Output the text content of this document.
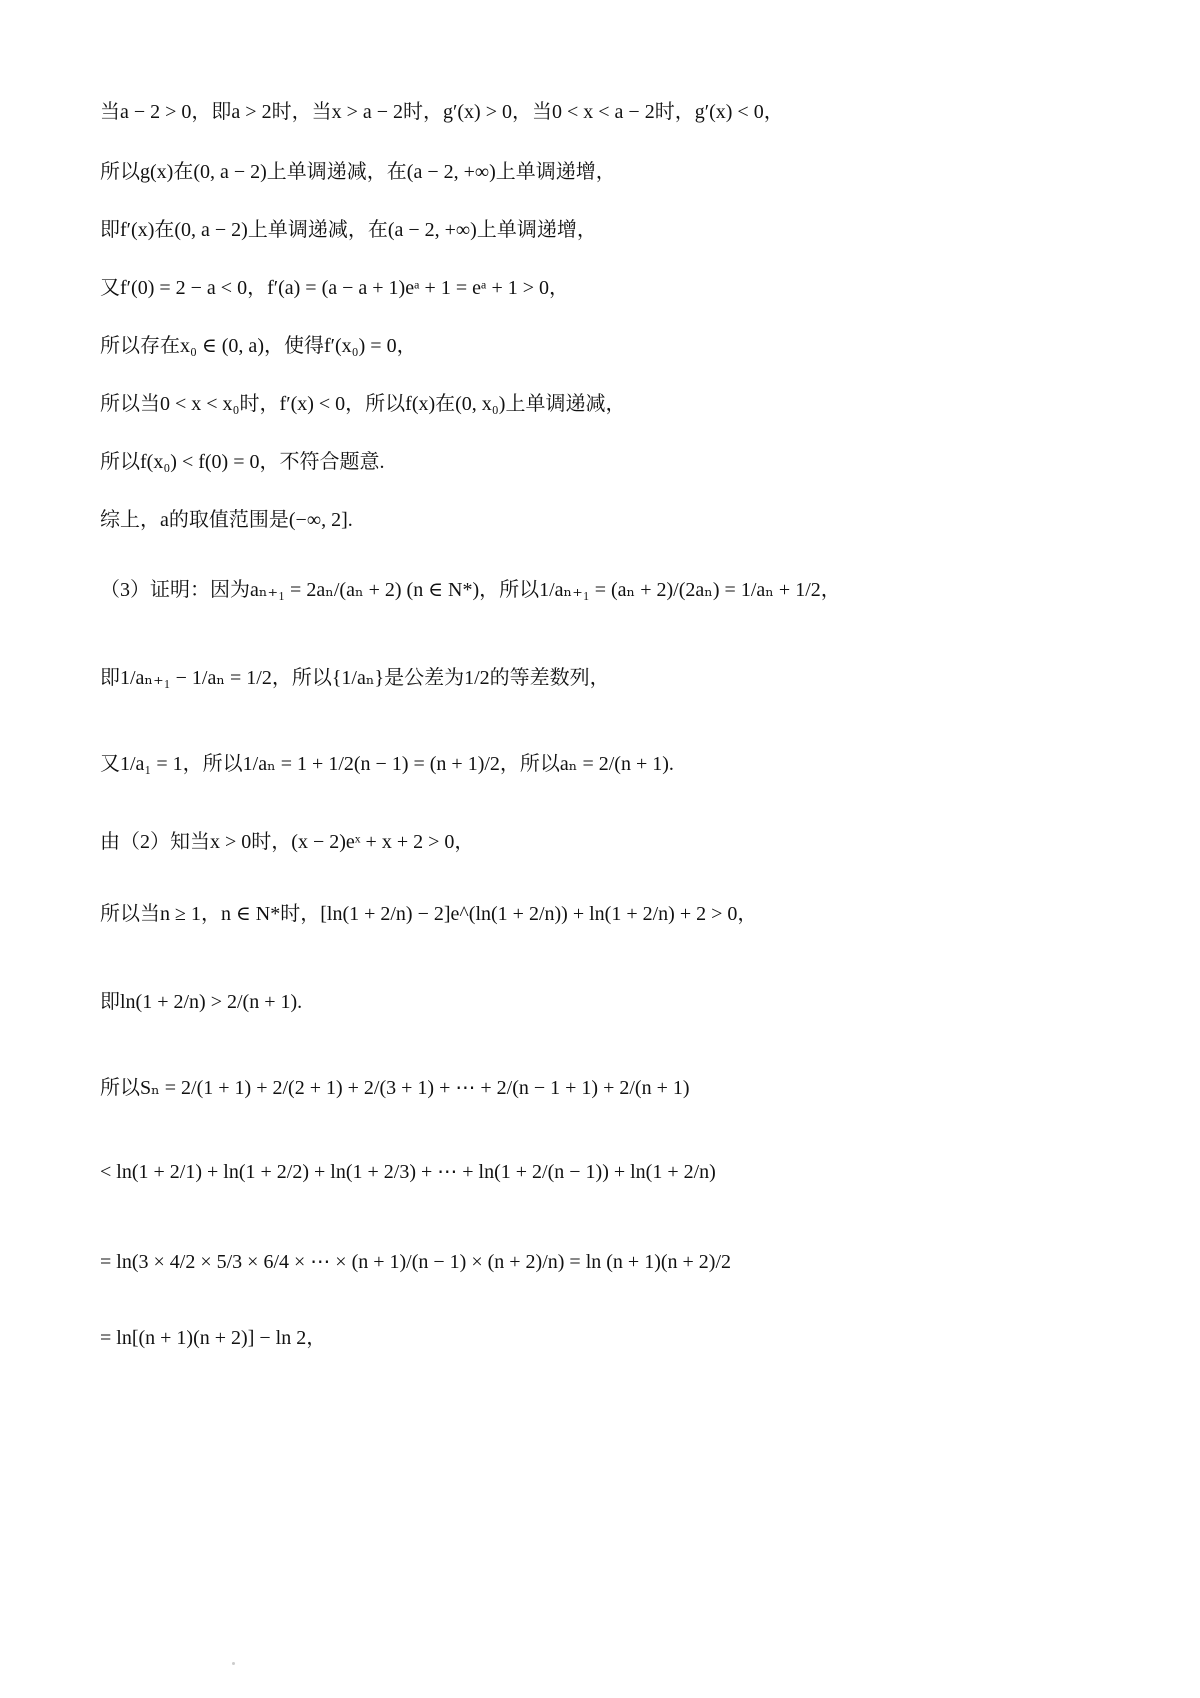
当a − 2 > 0，即a > 2时，当x > a − 2时，g′(x) > 0，当0 < x < a − 2时，g′(x) < 0，
所以g(x)在(0, a − 2)上单调递减，在(a − 2, +∞)上单调递增，
即f′(x)在(0, a − 2)上单调递减，在(a − 2, +∞)上单调递增，
又f′(0) = 2 − a < 0，f′(a) = (a − a + 1)eᵃ + 1 = eᵃ + 1 > 0，
所以存在x₀ ∈ (0, a)，使得f′(x₀) = 0，
所以当0 < x < x₀时，f′(x) < 0，所以f(x)在(0, x₀)上单调递减，
所以f(x₀) < f(0) = 0，不符合题意.
综上，a的取值范围是(−∞, 2].
（3）证明：因为aₙ₊₁ = 2aₙ/(aₙ + 2) (n ∈ N*)，所以1/aₙ₊₁ = (aₙ + 2)/(2aₙ) = 1/aₙ + 1/2，
即1/aₙ₊₁ − 1/aₙ = 1/2，所以{1/aₙ}是公差为1/2的等差数列，
又1/a₁ = 1，所以1/aₙ = 1 + 1/2(n − 1) = (n + 1)/2，所以aₙ = 2/(n + 1).
由（2）知当x > 0时，(x − 2)eˣ + x + 2 > 0，
所以当n ≥ 1，n ∈ N*时，[ln(1 + 2/n) − 2]e^(ln(1 + 2/n)) + ln(1 + 2/n) + 2 > 0，
即ln(1 + 2/n) > 2/(n + 1).
所以Sₙ = 2/(1 + 1) + 2/(2 + 1) + 2/(3 + 1) + ⋯ + 2/(n − 1 + 1) + 2/(n + 1)
< ln(1 + 2/1) + ln(1 + 2/2) + ln(1 + 2/3) + ⋯ + ln(1 + 2/(n − 1)) + ln(1 + 2/n)
= ln(3 × 4/2 × 5/3 × 6/4 × ⋯ × (n + 1)/(n − 1) × (n + 2)/n) = ln (n + 1)(n + 2)/2
= ln[(n + 1)(n + 2)] − ln 2，
